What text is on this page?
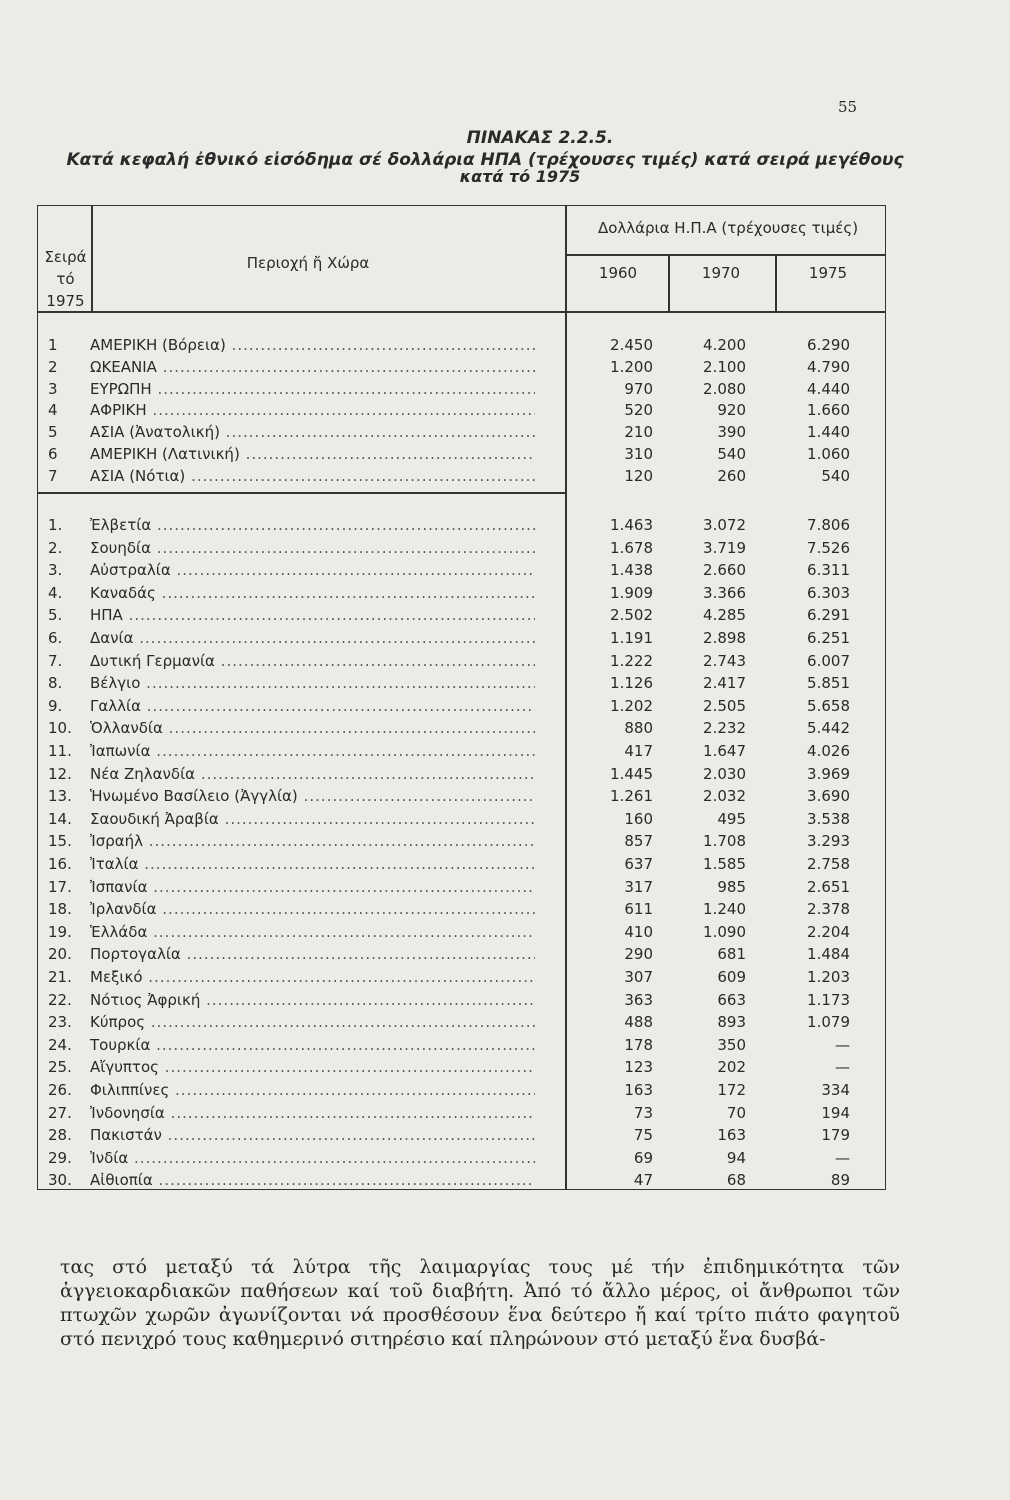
55
ΠΙΝΑΚΑΣ 2.2.5.
Κατά κεφαλή ἐθνικό εἰσόδημα σέ δολλάρια ΗΠΑ (τρέχουσες τιμές) κατά σειρά μεγέθους
κατά τό 1975
Σειρά τό 1975
Περιοχή ἤ Χώρα
Δολλάρια Η.Π.Α (τρέχουσες τιμές)
1960	1970	1975
1	ΑΜΕΡΙΚΗ (Βόρεια) .....	2.450	4.200	6.290
2	ΩΚΕΑΝΙΑ .....	1.200	2.100	4.790
3	ΕΥΡΩΠΗ .....	970	2.080	4.440
4	ΑΦΡΙΚΗ .....	520	920	1.660
5	ΑΣΙΑ (Ἀνατολική) .....	210	390	1.440
6	ΑΜΕΡΙΚΗ (Λατινική) .....	310	540	1.060
7	ΑΣΙΑ (Νότια) .....	120	260	540
1.	Ἐλβετία .....	1.463	3.072	7.806
2.	Σουηδία .....	1.678	3.719	7.526
3.	Αὐστραλία .....	1.438	2.660	6.311
4.	Καναδάς .....	1.909	3.366	6.303
5.	ΗΠΑ .....	2.502	4.285	6.291
6.	Δανία .....	1.191	2.898	6.251
7.	Δυτική Γερμανία .....	1.222	2.743	6.007
8.	Βέλγιο .....	1.126	2.417	5.851
9.	Γαλλία .....	1.202	2.505	5.658
10.	Ὁλλανδία .....	880	2.232	5.442
11.	Ἰαπωνία .....	417	1.647	4.026
12.	Νέα Ζηλανδία .....	1.445	2.030	3.969
13.	Ἡνωμένο Βασίλειο (Ἀγγλία) .....	1.261	2.032	3.690
14.	Σαουδική Ἀραβία .....	160	495	3.538
15.	Ἰσραήλ .....	857	1.708	3.293
16.	Ἰταλία .....	637	1.585	2.758
17.	Ἰσπανία .....	317	985	2.651
18.	Ἰρλανδία .....	611	1.240	2.378
19.	Ἑλλάδα .....	410	1.090	2.204
20.	Πορτογαλία .....	290	681	1.484
21.	Μεξικό .....	307	609	1.203
22.	Νότιος Ἀφρική .....	363	663	1.173
23.	Κύπρος .....	488	893	1.079
24.	Τουρκία .....	178	350	—
25.	Αἴγυπτος .....	123	202	—
26.	Φιλιππίνες .....	163	172	334
27.	Ἰνδονησία .....	73	70	194
28.	Πακιστάν .....	75	163	179
29.	Ἰνδία .....	69	94	—
30.	Αἰθιοπία .....	47	68	89
τας στό μεταξύ τά λύτρα τῆς λαιμαργίας τους μέ τήν ἐπιδημικότητα τῶν ἀγγειοκαρδιακῶν παθήσεων καί τοῦ διαβήτη. Ἀπό τό ἄλλο μέρος, οἱ ἄνθρωποι τῶν πτωχῶν χωρῶν ἀγωνίζονται νά προσθέσουν ἕνα δεύτερο ἤ καί τρίτο πιάτο φαγητοῦ στό πενιχρό τους καθημερινό σιτηρέσιο καί πληρώνουν στό μεταξύ ἕνα δυσβά-
